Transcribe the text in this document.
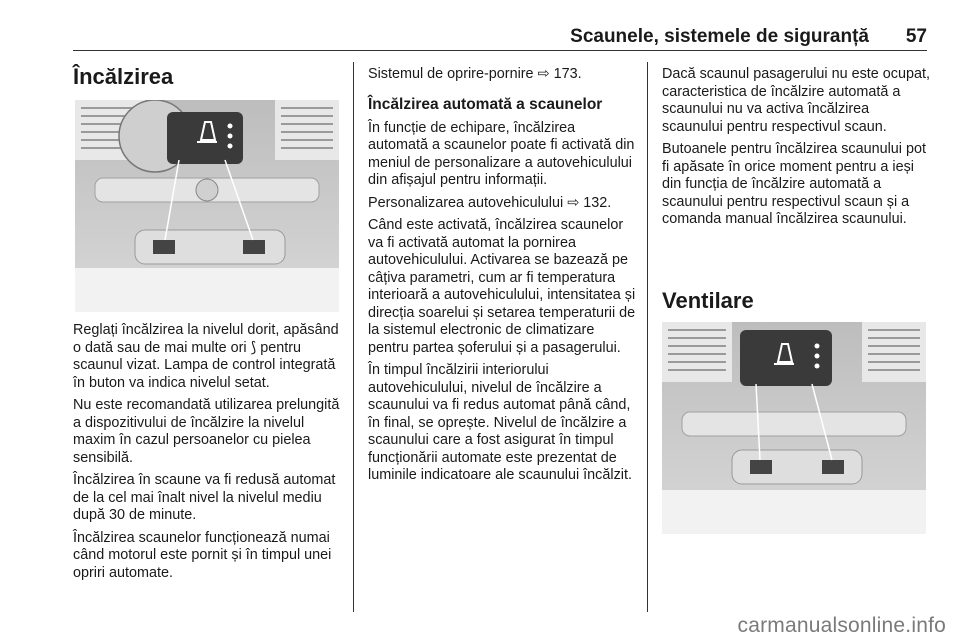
Scaunele, sistemele de siguranță 57
Încălzirea

Reglați încălzirea la nivelul dorit, apăsând o dată sau de mai multe ori ⟆ pentru scaunul vizat. Lampa de control integrată în buton va indica nivelul setat.

Nu este recomandată utilizarea prelungită a dispozitivului de încălzire la nivelul maxim în cazul persoanelor cu pielea sensibilă.

Încălzirea în scaune va fi redusă automat de la cel mai înalt nivel la nivelul mediu după 30 de minute.

Încălzirea scaunelor funcționează numai când motorul este pornit și în timpul unei opriri automate.

Sistemul de oprire-pornire ⇨ 173.

Încălzirea automată a scaunelor

În funcție de echipare, încălzirea automată a scaunelor poate fi activată din meniul de personalizare a autovehiculului din afișajul pentru informații.

Personalizarea autovehiculului ⇨ 132.

Când este activată, încălzirea scaunelor va fi activată automat la pornirea autovehiculului. Activarea se bazează pe câțiva parametri, cum ar fi temperatura interioară a autovehiculului, intensitatea și direcția soarelui și setarea temperaturii de la sistemul electronic de climatizare pentru partea șoferului și a pasagerului.

În timpul încălzirii interiorului autovehiculului, nivelul de încălzire a scaunului va fi redus automat până când, în final, se oprește. Nivelul de încălzire a scaunului care a fost asigurat în timpul funcționării automate este prezentat de luminile indicatoare ale scaunului încălzit.

Dacă scaunul pasagerului nu este ocupat, caracteristica de încălzire automată a scaunului nu va activa încălzirea scaunului pentru respectivul scaun.

Butoanele pentru încălzirea scaunului pot fi apăsate în orice moment pentru a ieși din funcția de încălzire automată a scaunului pentru respectivul scaun și a comanda manual încălzirea scaunului.

Ventilare
carmanualsonline.info
